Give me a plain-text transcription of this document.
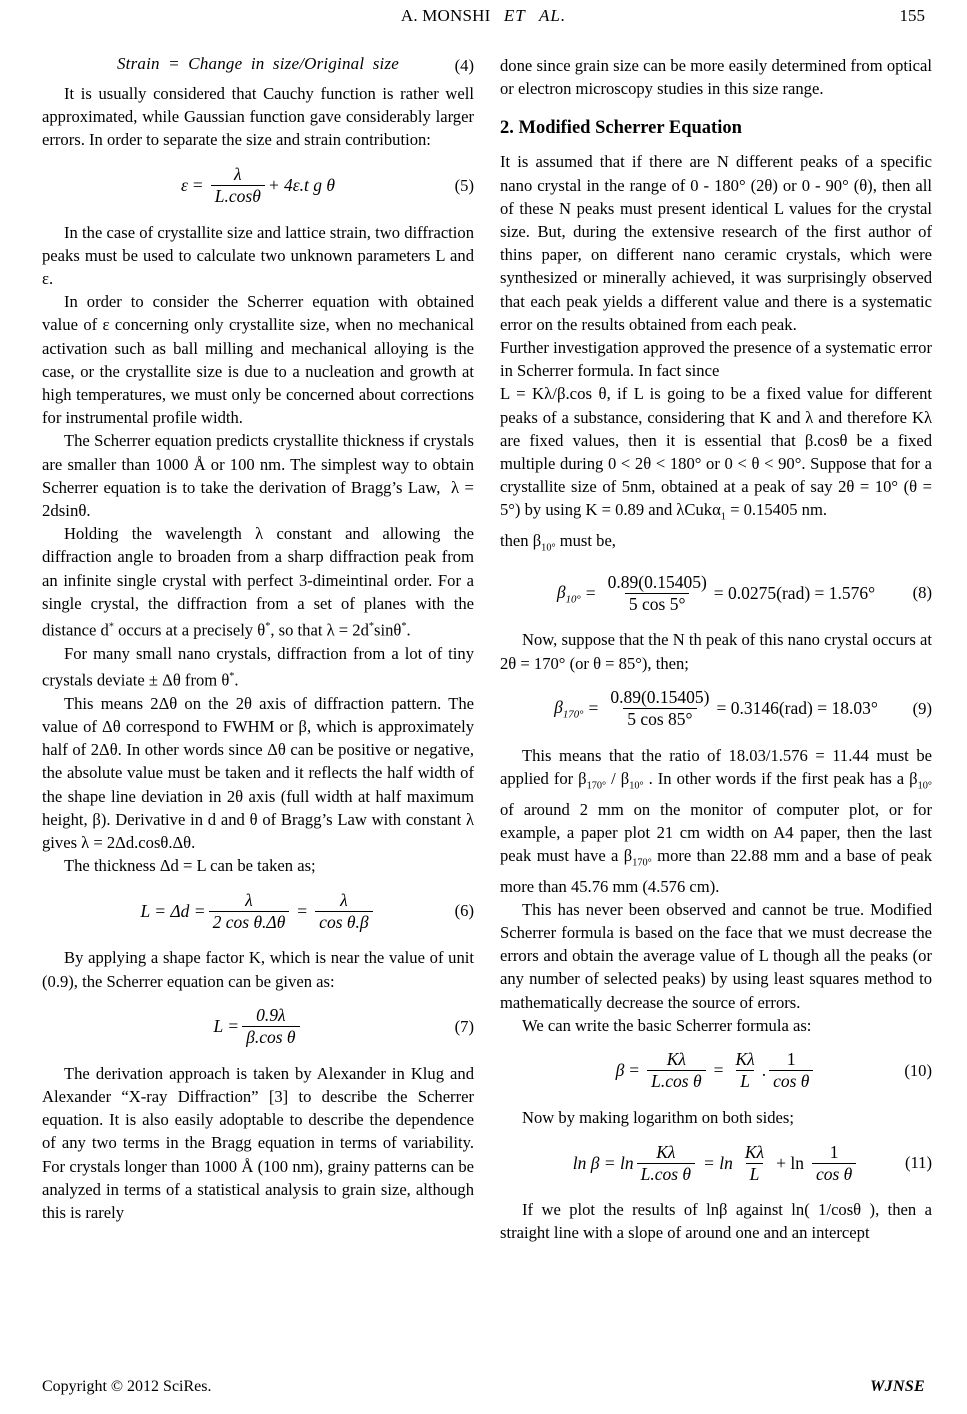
A. MONSHI ET AL.	155
Strain = Change in size/Original size	(4)

It is usually considered that Cauchy function is rather well approximated, while Gaussian function gave considerably larger errors. In order to separate the size and strain contribution:

$\varepsilon = \frac{\lambda}{L.\cos\theta} + 4\varepsilon.t$ g θ	(5)

In the case of crystallite size and lattice strain, two diffraction peaks must be used to calculate two unknown parameters L and ε.

In order to consider the Scherrer equation with obtained value of ε concerning only crystallite size, when no mechanical activation such as ball milling and mechanical alloying is the case, or the crystallite size is due to a nucleation and growth at high temperatures, we must only be concerned about corrections for instrumental profile width.

The Scherrer equation predicts crystallite thickness if crystals are smaller than 1000 Å or 100 nm. The simplest way to obtain Scherrer equation is to take the derivation of Bragg’s Law, λ = 2dsinθ.

Holding the wavelength λ constant and allowing the diffraction angle to broaden from a sharp diffraction peak from an infinite single crystal with perfect 3-dimeintinal order. For a single crystal, the diffraction from a set of planes with the distance d* occurs at a precisely θ*, so that λ = 2d*sinθ*.

For many small nano crystals, diffraction from a lot of tiny crystals deviate ± Δθ from θ*.

This means 2Δθ on the 2θ axis of diffraction pattern. The value of Δθ correspond to FWHM or β, which is approximately half of 2Δθ. In other words since Δθ can be positive or negative, the absolute value must be taken and it reflects the half width of the shape line deviation in 2θ axis (full width at half maximum height, β). Derivative in d and θ of Bragg’s Law with constant λ gives λ = 2Δd.cosθ.Δθ.

The thickness Δd = L can be taken as;

$L = \Delta d = \frac{\lambda}{\text{2 cos θ.Δθ}} = \frac{\lambda}{\text{cos θ.β}}$	(6)

By applying a shape factor K, which is near the value of unit (0.9), the Scherrer equation can be given as:

$L = \frac{0.9\lambda}{\text{β.cos θ}}$	(7)

The derivation approach is taken by Alexander in Klug and Alexander “X-ray Diffraction” [3] to describe the Scherrer equation. It is also easily adoptable to describe the dependence of any two terms in the Bragg equation in terms of variability. For crystals longer than 1000 Å (100 nm), grainy patterns can be analyzed in terms of a statistical analysis to grain size, although this is rarely

done since grain size can be more easily determined from optical or electron microscopy studies in this size range.

2. Modified Scherrer Equation

It is assumed that if there are N different peaks of a specific nano crystal in the range of 0 - 180° (2θ) or 0 - 90° (θ), then all of these N peaks must present identical L values for the crystal size. But, during the extensive research of the first author of thins paper, on different nano ceramic crystals, which were synthesized or minerally achieved, it was surprisingly observed that each peak yields a different value and there is a systematic error on the results obtained from each peak.

Further investigation approved the presence of a systematic error in Scherrer formula. In fact since
L = Kλ/β.cos θ, if L is going to be a fixed value for different peaks of a substance, considering that K and λ and therefore Kλ are fixed values, then it is essential that β.cosθ be a fixed multiple during 0 < 2θ < 180° or 0 < θ < 90°. Suppose that for a crystallite size of 5nm, obtained at a peak of say 2θ = 10° (θ = 5°) by using K = 0.89 and λCukα$_1$ = 0.15405 nm.

then $\beta_{10^\circ}$ must be,

$\beta_{10^\circ} = \frac{0.89(0.15405)}{5 \cos 5^\circ} = 0.0275(rad) = 1.576^\circ$ (8)

Now, suppose that the N th peak of this nano crystal occurs at 2θ = 170° (or θ = 85°), then;

$\beta_{170^\circ} = \frac{0.89(0.15405)}{5 \cos 85^\circ} = 0.3146(rad) = 18.03^\circ$ (9)

This means that the ratio of 18.03/1.576 = 11.44 must be applied for $\beta_{170^\circ} / \beta_{10^\circ}$ . In other words if the first peak has a $\beta_{10^\circ}$ of around 2 mm on the monitor of computer plot, or for example, a paper plot 21 cm width on A4 paper, then the last peak must have a $\beta_{170^\circ}$ more than 22.88 mm and a base of peak more than 45.76 mm (4.576 cm).

This has never been observed and cannot be true. Modified Scherrer formula is based on the face that we must decrease the errors and obtain the average value of L though all the peaks (or any number of selected peaks) by using least squares method to mathematically decrease the source of errors.

We can write the basic Scherrer formula as:

$\beta = \frac{K\lambda}{\text{L.cos θ}} = \frac{K\lambda}{L}$ . $\frac{1}{\text{cos θ}}$	(10)

Now by making logarithm on both sides;

$\ln \beta = \ln \frac{K\lambda}{\text{L.cos θ}} = \ln \frac{K\lambda}{L} + \ln \frac{1}{\text{cos θ}}$	(11)

If we plot the results of lnβ against ln( 1/cosθ ), then a straight line with a slope of around one and an intercept

Copyright © 2012 SciRes.	WJNSE
